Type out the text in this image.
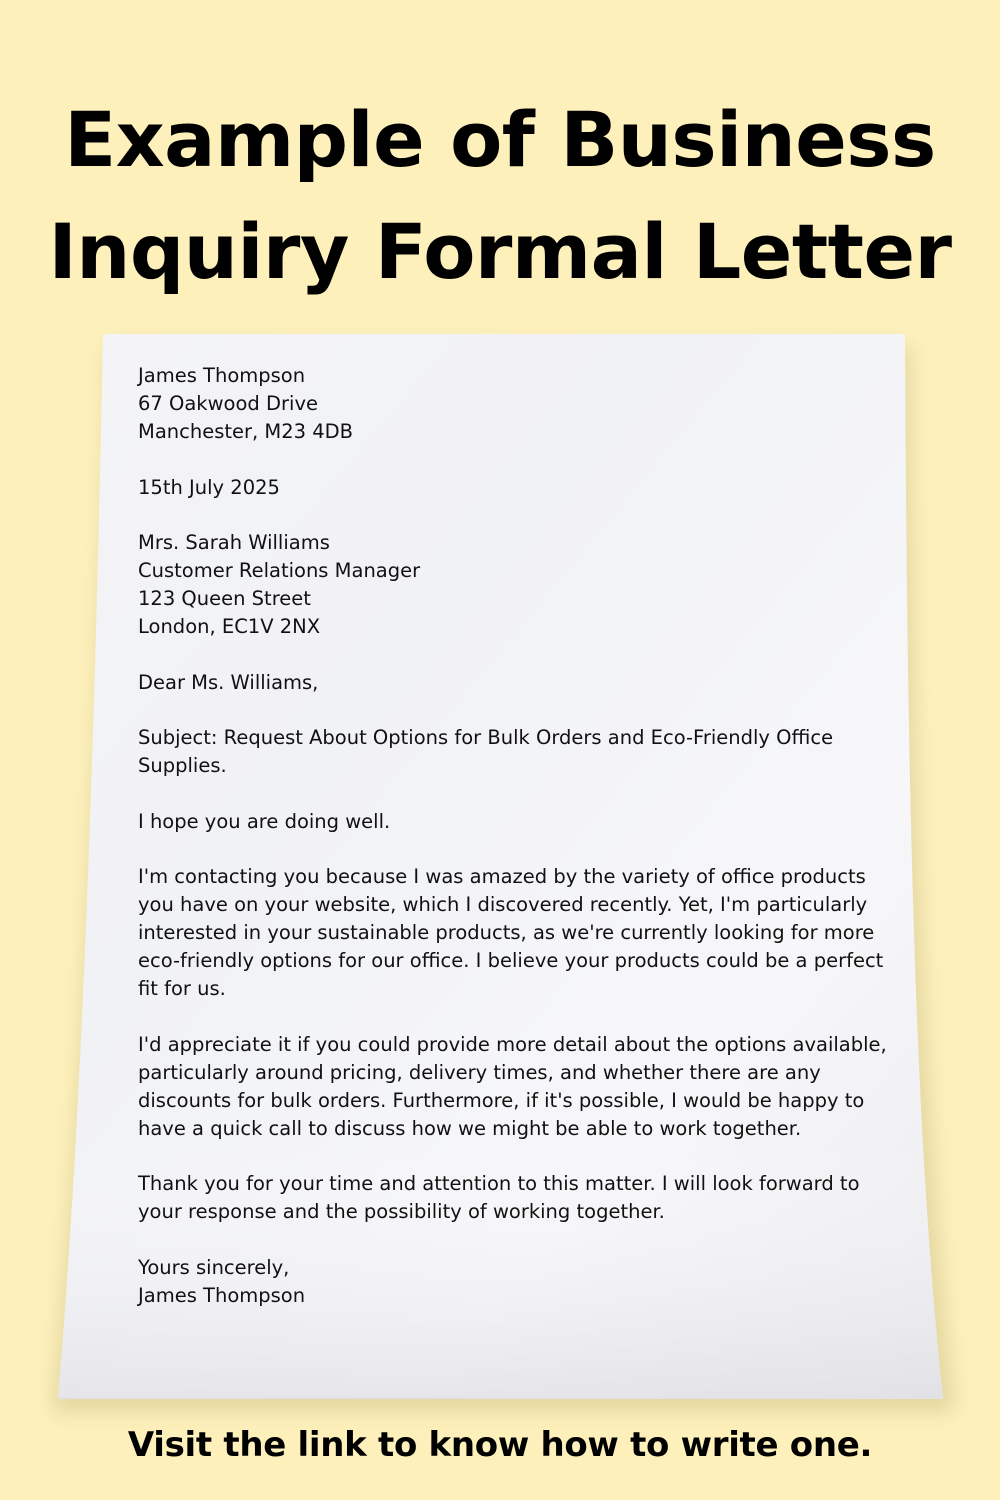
Example of Business
Inquiry Formal Letter

James Thompson
67 Oakwood Drive
Manchester, M23 4DB

15th July 2025

Mrs. Sarah Williams
Customer Relations Manager
123 Queen Street
London, EC1V 2NX

Dear Ms. Williams,

Subject: Request About Options for Bulk Orders and Eco-Friendly Office Supplies.

I hope you are doing well.

I'm contacting you because I was amazed by the variety of office products you have on your website, which I discovered recently. Yet, I'm particularly interested in your sustainable products, as we're currently looking for more eco-friendly options for our office. I believe your products could be a perfect fit for us.

I'd appreciate it if you could provide more detail about the options available, particularly around pricing, delivery times, and whether there are any discounts for bulk orders. Furthermore, if it's possible, I would be happy to have a quick call to discuss how we might be able to work together.

Thank you for your time and attention to this matter. I will look forward to your response and the possibility of working together.

Yours sincerely,
James Thompson

Visit the link to know how to write one.
